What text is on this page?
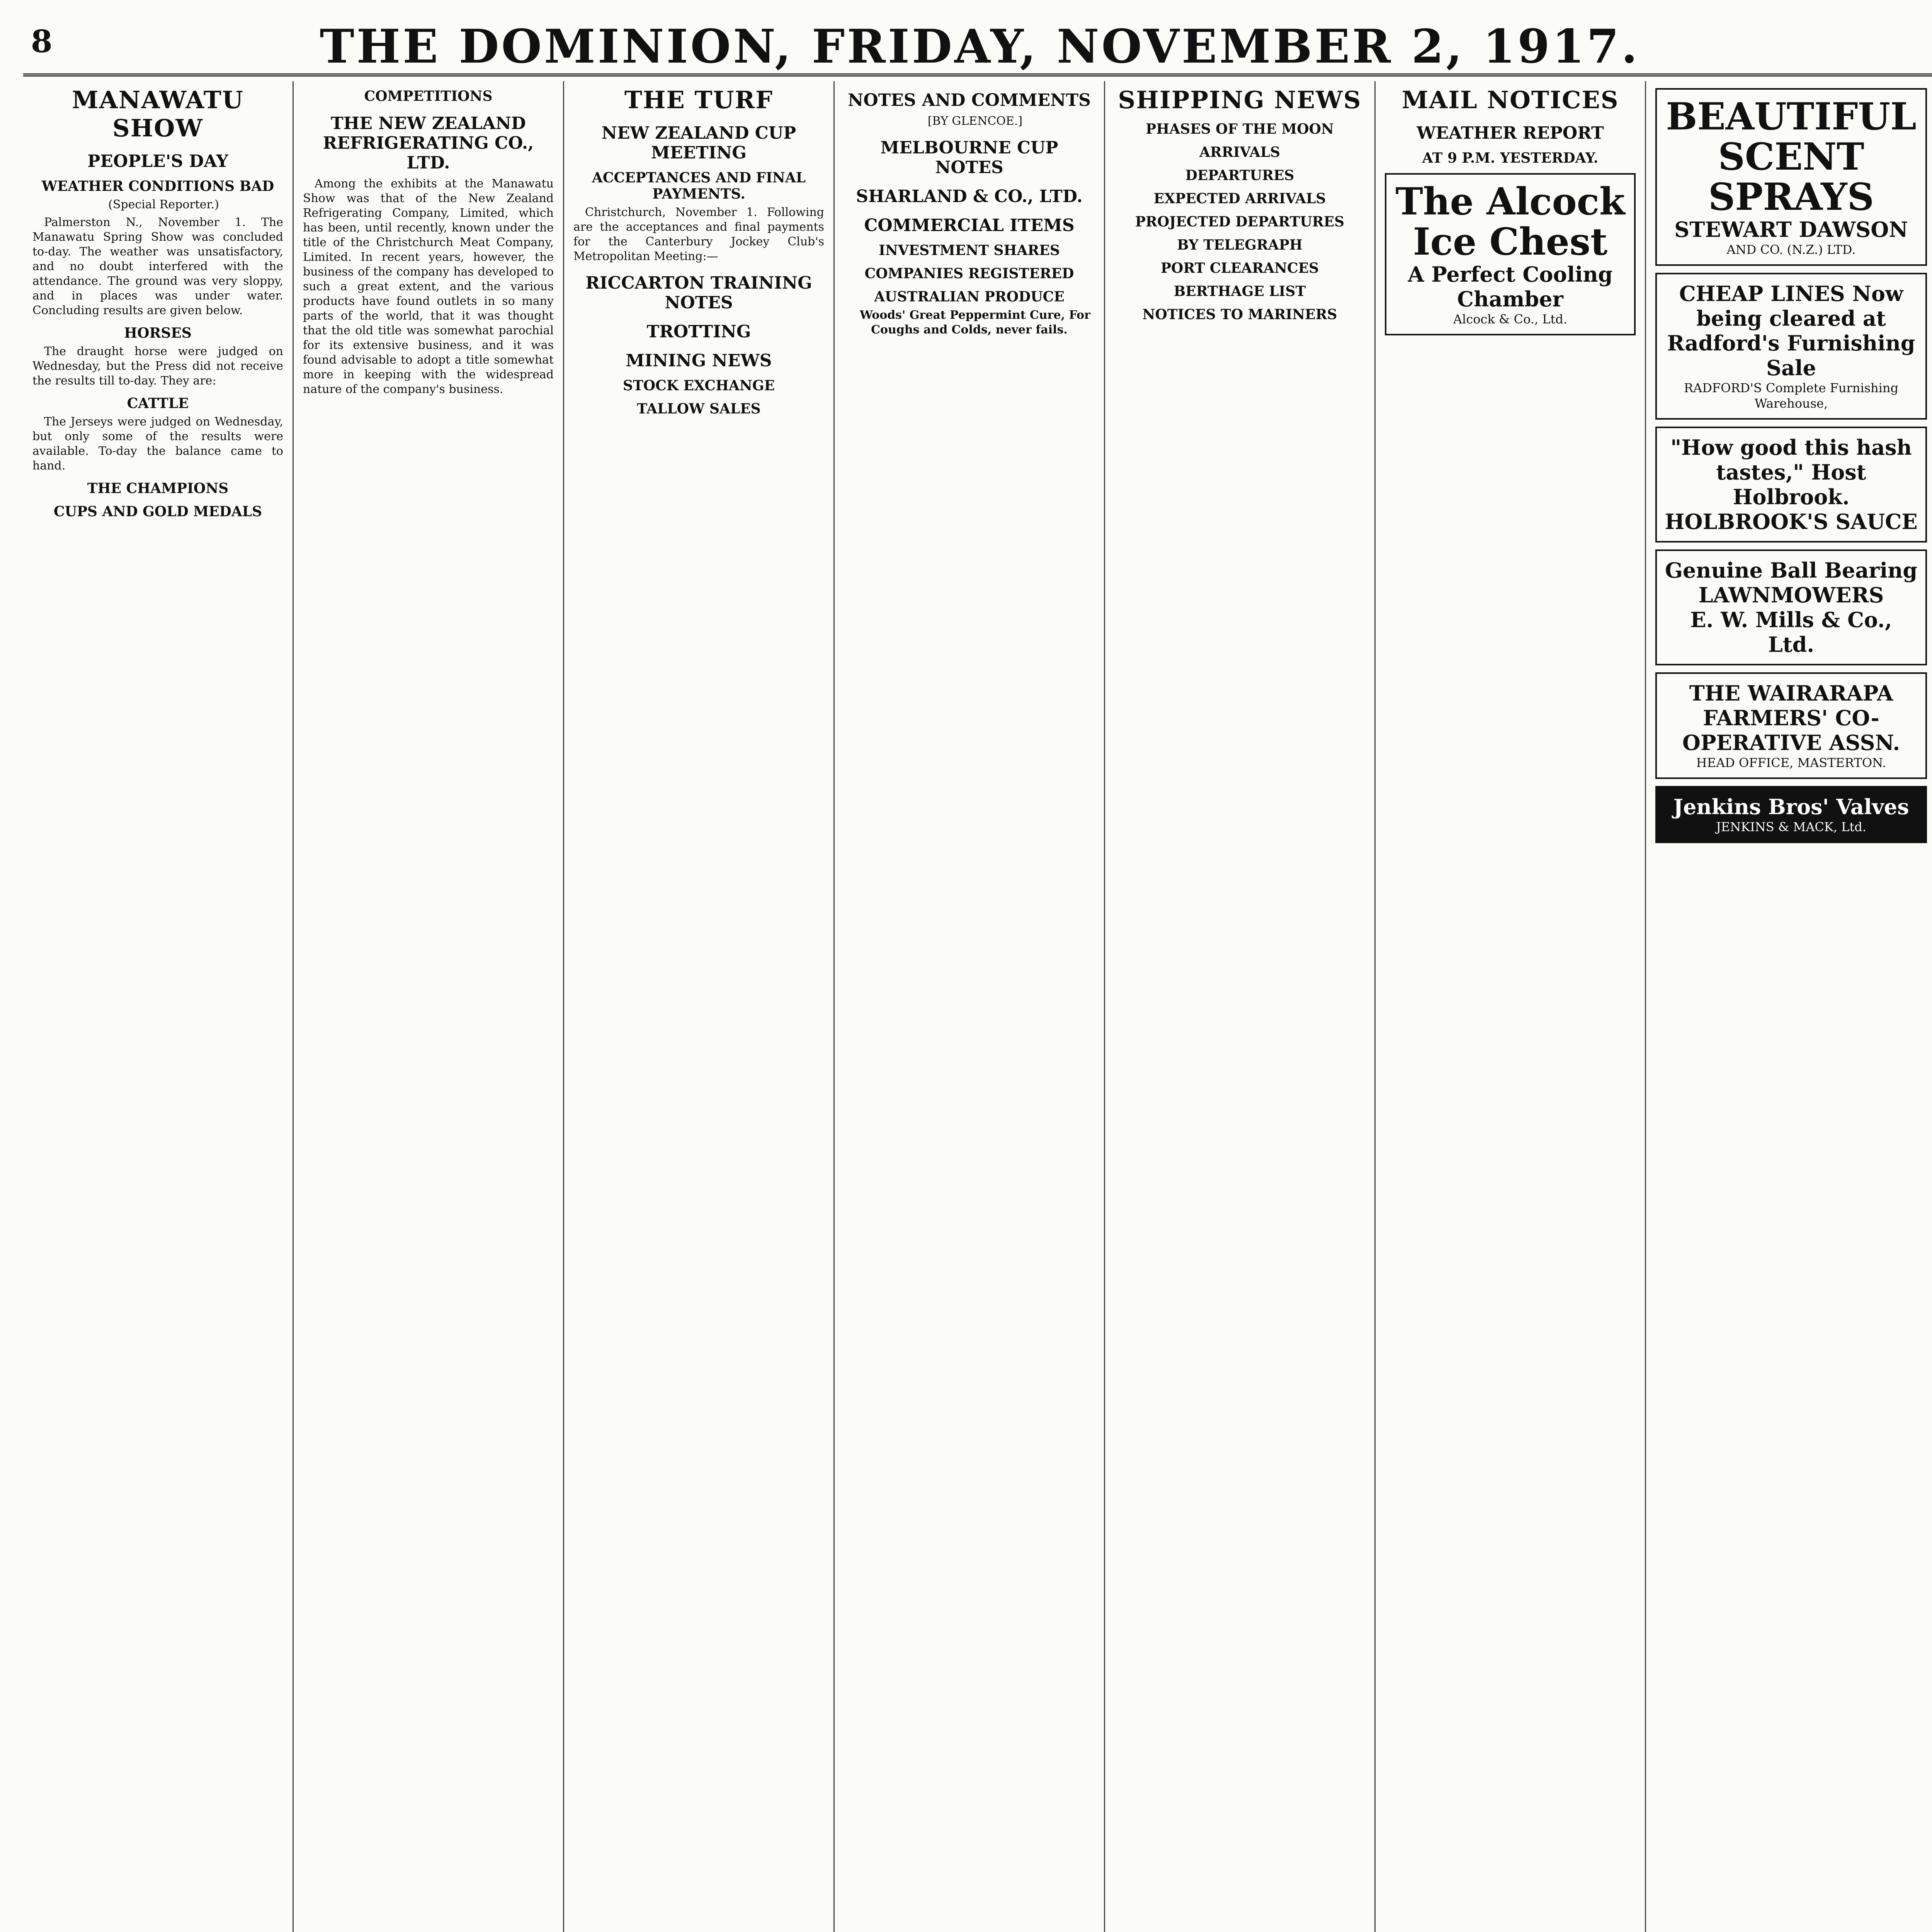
8	THE DOMINION, FRIDAY, NOVEMBER 2, 1917.
MANAWATU SHOW
PEOPLE'S DAY
WEATHER CONDITIONS BAD

(Special Reporter.)

Palmerston N., November 1. The Manawatu Spring Show was concluded to-day. The weather was unsatisfactory, and no doubt interfered with the attendance. The ground was very sloppy, and in places was under water. Concluding results are given below.

HORSES

The draught horse were judged on Wednesday, but the Press did not receive the results till to-day. They are:

CATTLE

The Jerseys were judged on Wednesday, but only some of the results were available. To-day the balance came to hand.

THE CHAMPIONS
CUPS AND GOLD MEDALS
COMPETITIONS
THE NEW ZEALAND REFRIGERATING CO., LTD.

Among the exhibits at the Manawatu Show was that of the New Zealand Refrigerating Company, Limited, which has been, until recently, known under the title of the Christchurch Meat Company, Limited. In recent years, however, the business of the company has developed to such a great extent, and the various products have found outlets in so many parts of the world, that it was thought that the old title was somewhat parochial for its extensive business, and it was found advisable to adopt a title somewhat more in keeping with the widespread nature of the company's business.

THE TURF
NEW ZEALAND CUP MEETING
ACCEPTANCES AND FINAL PAYMENTS.

Christchurch, November 1. Following are the acceptances and final payments for the Canterbury Jockey Club's Metropolitan Meeting:—

RICCARTON TRAINING NOTES
TROTTING
MINING NEWS
STOCK EXCHANGE
TALLOW SALES
NOTES AND COMMENTS

[BY GLENCOE.]

MELBOURNE CUP NOTES
SHARLAND & CO., LTD.
COMMERCIAL ITEMS
INVESTMENT SHARES
COMPANIES REGISTERED
AUSTRALIAN PRODUCE

Woods' Great Peppermint Cure, For Coughs and Colds, never fails.

SHIPPING NEWS
PHASES OF THE MOON
ARRIVALS
DEPARTURES
EXPECTED ARRIVALS
PROJECTED DEPARTURES
BY TELEGRAPH
PORT CLEARANCES
BERTHAGE LIST
NOTICES TO MARINERS
MAIL NOTICES
WEATHER REPORT
AT 9 P.M. YESTERDAY.
The Alcock Ice Chest
A Perfect Cooling Chamber
Alcock & Co., Ltd.
BEAUTIFUL SCENT SPRAYS
STEWART DAWSON
AND CO. (N.Z.) LTD.
CHEAP LINES Now being cleared at
Radford's Furnishing Sale
RADFORD'S Complete Furnishing Warehouse,
"How good this hash tastes," Host Holbrook.
HOLBROOK'S SAUCE
Genuine Ball Bearing LAWNMOWERS
E. W. Mills & Co., Ltd.
THE WAIRARAPA FARMERS' CO-OPERATIVE ASSN.
HEAD OFFICE, MASTERTON.
Jenkins Bros' Valves
JENKINS & MACK, Ltd.
